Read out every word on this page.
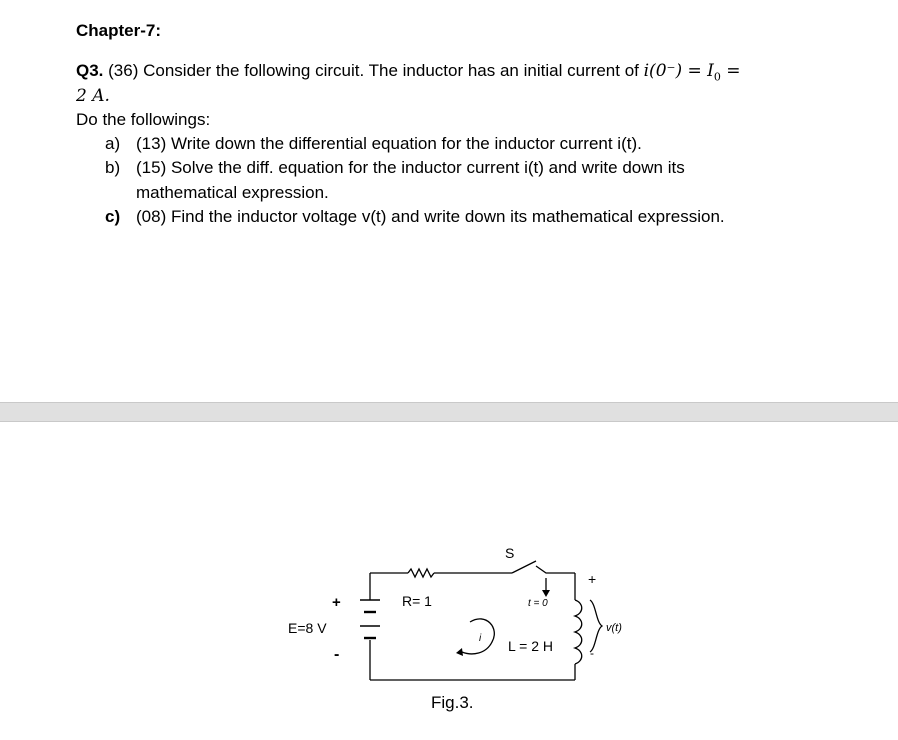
Chapter-7:
Q3. (36) Consider the following circuit. The inductor has an initial current of $i(0^-) = I_0$ =
2 A.
Do the followings:
a) (13) Write down the differential equation for the inductor current i(t).
b) (15) Solve the diff. equation for the inductor current i(t) and write down its
mathematical expression.
c) (08) Find the inductor voltage v(t) and write down its mathematical expression.
+
E=8 V
-
R= 1
S
t = 0
i L = 2 H
+
v(t)
-
Fig.3.
